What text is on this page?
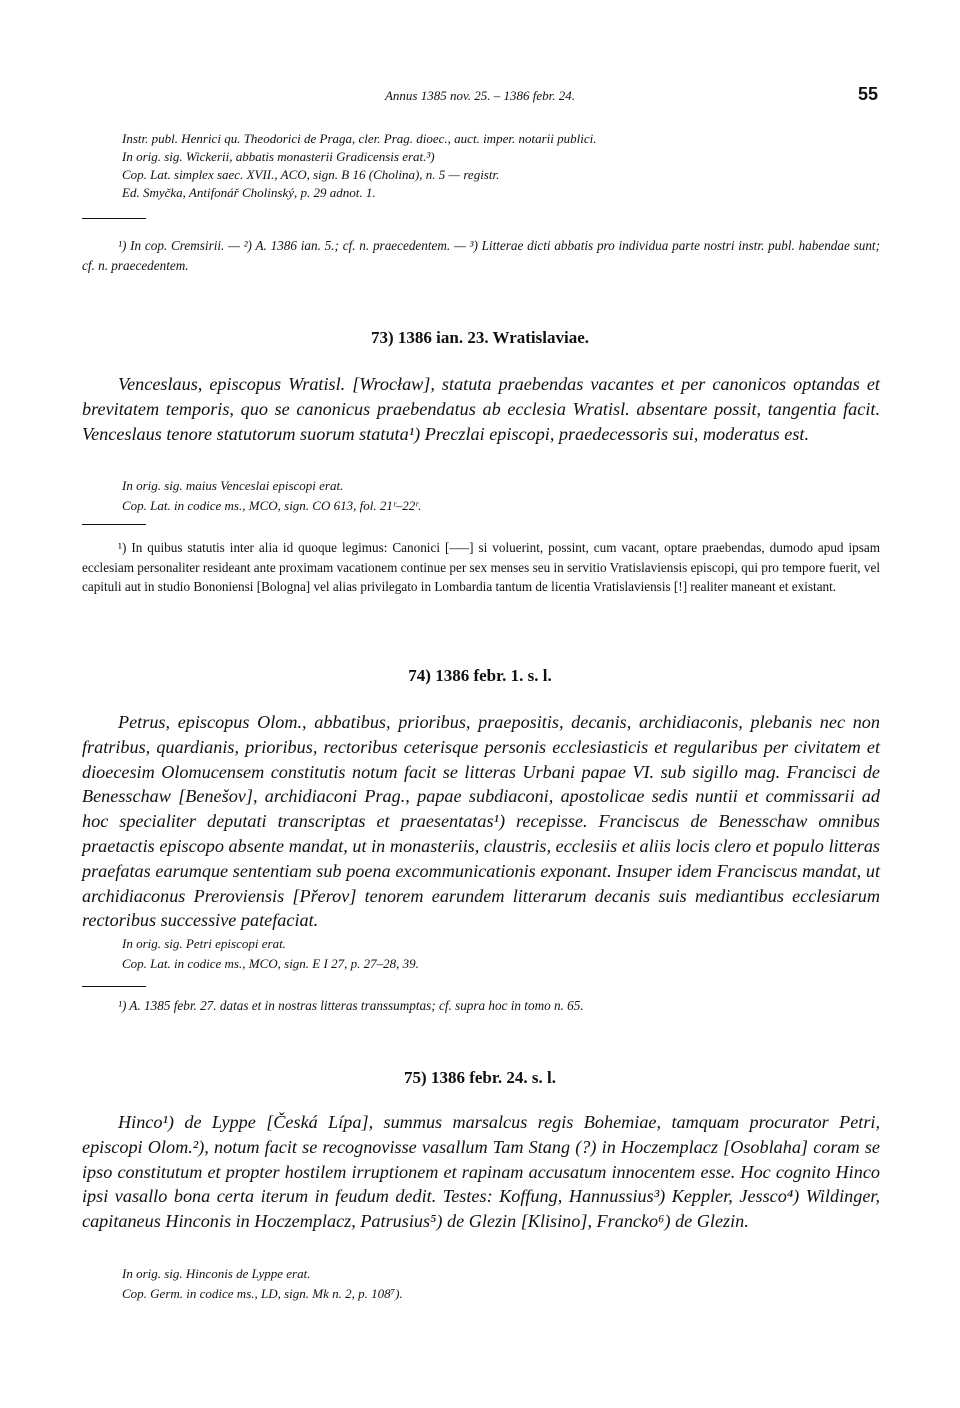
Annus 1385 nov. 25. – 1386 febr. 24.	55
Instr. publ. Henrici qu. Theodorici de Praga, cler. Prag. dioec., auct. imper. notarii publici.
In orig. sig. Wickerii, abbatis monasterii Gradicensis erat.³)
Cop. Lat. simplex saec. XVII., ACO, sign. B 16 (Cholina), n. 5 — registr.
Ed. Smyčka, Antifonář Cholinský, p. 29 adnot. 1.
¹) In cop. Cremsirii. — ²) A. 1386 ian. 5.; cf. n. praecedentem. — ³) Litterae dicti abbatis pro individua parte nostri instr. publ. habendae sunt; cf. n. praecedentem.
73) 1386 ian. 23. Wratislaviae.
Venceslaus, episcopus Wratisl. [Wrocław], statuta praebendas vacantes et per canonicos optandas et brevitatem temporis, quo se canonicus praebendatus ab ecclesia Wratisl. absentare possit, tangentia facit. Venceslaus tenore statutorum suorum statuta¹) Preczlai episcopi, praedecessoris sui, moderatus est.
In orig. sig. maius Venceslai episcopi erat.
Cop. Lat. in codice ms., MCO, sign. CO 613, fol. 21ʳ–22ʳ.
¹) In quibus statutis inter alia id quoque legimus: Canonici [–––] si voluerint, possint, cum vacant, optare praebendas, dumodo apud ipsam ecclesiam personaliter resideant ante proximam vacationem continue per sex menses seu in servitio Vratislaviensis episcopi, qui pro tempore fuerit, vel capituli aut in studio Bononiensi [Bologna] vel alias privilegato in Lombardia tantum de licentia Vratislaviensis [!] realiter maneant et existant.
74) 1386 febr. 1. s. l.
Petrus, episcopus Olom., abbatibus, prioribus, praepositis, decanis, archidiaconis, plebanis nec non fratribus, quardianis, prioribus, rectoribus ceterisque personis ecclesiasticis et regularibus per civitatem et dioecesim Olomucensem constitutis notum facit se litteras Urbani papae VI. sub sigillo mag. Francisci de Benesschaw [Benešov], archidiaconi Prag., papae subdiaconi, apostolicae sedis nuntii et commissarii ad hoc specialiter deputati transcriptas et praesentatas¹) recepisse. Franciscus de Benesschaw omnibus praetactis episcopo absente mandat, ut in monasteriis, claustris, ecclesiis et aliis locis clero et populo litteras praefatas earumque sententiam sub poena excommunicationis exponant. Insuper idem Franciscus mandat, ut archidiaconus Preroviensis [Přerov] tenorem earundem litterarum decanis suis mediantibus ecclesiarum rectoribus successive patefaciat.
In orig. sig. Petri episcopi erat.
Cop. Lat. in codice ms., MCO, sign. E I 27, p. 27–28, 39.
¹) A. 1385 febr. 27. datas et in nostras litteras transsumptas; cf. supra hoc in tomo n. 65.
75) 1386 febr. 24. s. l.
Hinco¹) de Lyppe [Česká Lípa], summus marsalcus regis Bohemiae, tamquam procurator Petri, episcopi Olom.²), notum facit se recognovisse vasallum Tam Stang (?) in Hoczemplacz [Osoblaha] coram se ipso constitutum et propter hostilem irruptionem et rapinam accusatum innocentem esse. Hoc cognito Hinco ipsi vasallo bona certa iterum in feudum dedit. Testes: Koffung, Hannussius³) Keppler, Jessco⁴) Wildinger, capitaneus Hinconis in Hoczemplacz, Patrusius⁵) de Glezin [Klisino], Francko⁶) de Glezin.
In orig. sig. Hinconis de Lyppe erat.
Cop. Germ. in codice ms., LD, sign. Mk n. 2, p. 108⁷).
